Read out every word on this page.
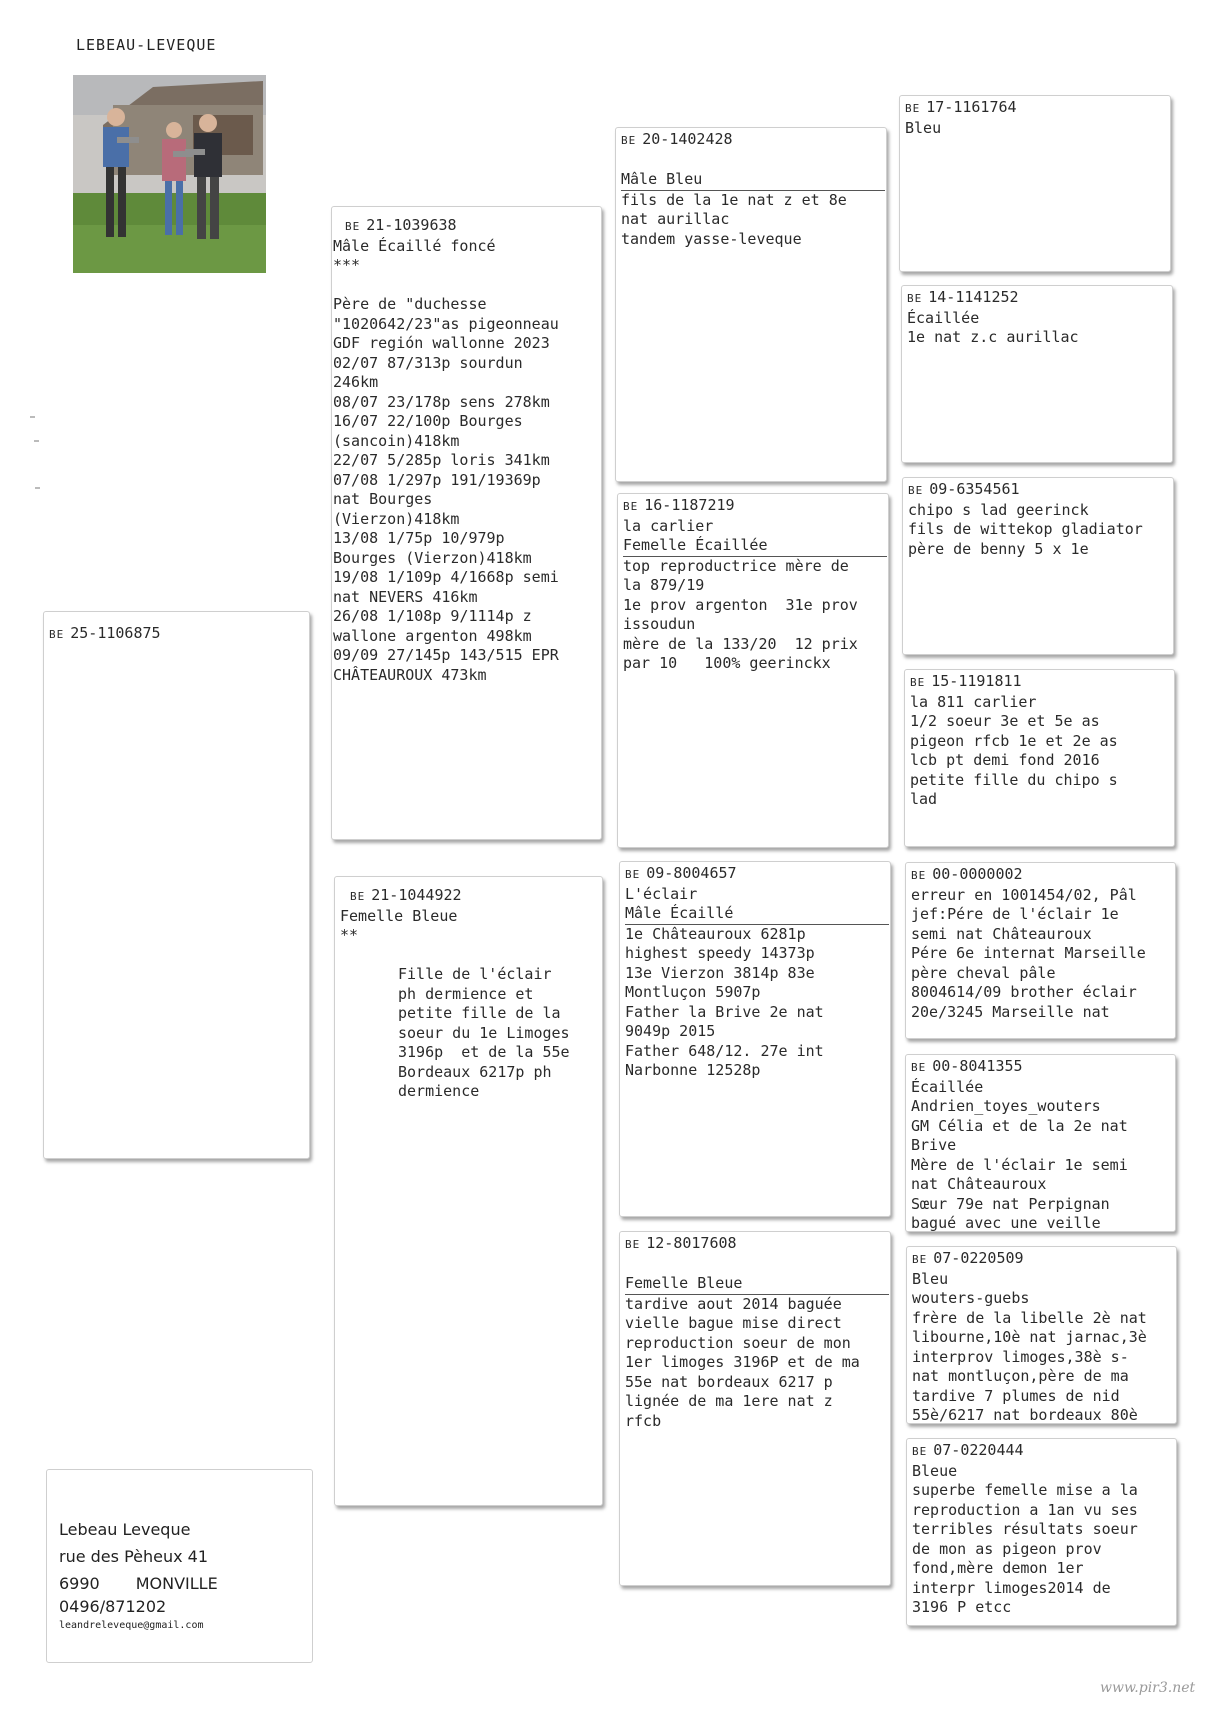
LEBEAU-LEVEQUE
BE 25-1106875
BE 21-1039638
Mâle Écaillé foncé
***

Père de "duchesse
"1020642/23"as pigeonneau
GDF región wallonne 2023
02/07 87/313p sourdun
246km
08/07 23/178p sens 278km
16/07 22/100p Bourges
(sancoin)418km
22/07 5/285p loris 341km
07/08 1/297p 191/19369p
nat Bourges
(Vierzon)418km
13/08 1/75p 10/979p
Bourges (Vierzon)418km
19/08 1/109p 4/1668p semi
nat NEVERS 416km
26/08 1/108p 9/1114p z
wallone argenton 498km
09/09 27/145p 143/515 EPR
CHÂTEAUROUX 473km
BE 21-1044922
Femelle Bleue
**

Fille de l'éclair
ph dermience et
petite fille de la
soeur du 1e Limoges
3196p  et de la 55e
Bordeaux 6217p ph
dermience
BE 20-1402428

Mâle Bleu
fils de la 1e nat z et 8e
nat aurillac
tandem yasse-leveque
BE 16-1187219
la carlier
Femelle Écaillée
top reproductrice mère de
la 879/19
1e prov argenton  31e prov
issoudun
mère de la 133/20  12 prix
par 10   100% geerinckx
BE 09-8004657
L'éclair
Mâle Écaillé
1e Châteauroux 6281p
highest speedy 14373p
13e Vierzon 3814p 83e
Montluçon 5907p
Father la Brive 2e nat
9049p 2015
Father 648/12. 27e int
Narbonne 12528p
BE 12-8017608

Femelle Bleue
tardive aout 2014 baguée
vielle bague mise direct
reproduction soeur de mon
1er limoges 3196P et de ma
55e nat bordeaux 6217 p
lignée de ma 1ere nat z
rfcb
BE 17-1161764
Bleu
BE 14-1141252
Écaillée
1e nat z.c aurillac
BE 09-6354561
chipo s lad geerinck
fils de wittekop gladiator
père de benny 5 x 1e
BE 15-1191811
la 811 carlier
1/2 soeur 3e et 5e as
pigeon rfcb 1e et 2e as
lcb pt demi fond 2016
petite fille du chipo s
lad
BE 00-0000002
erreur en 1001454/02, Pâl
jef:Pére de l'éclair 1e
semi nat Châteauroux
Pére 6e internat Marseille
père cheval pâle
8004614/09 brother éclair
20e/3245 Marseille nat
BE 00-8041355
Écaillée
Andrien_toyes_wouters
GM Célia et de la 2e nat
Brive
Mère de l'éclair 1e semi
nat Châteauroux
Sœur 79e nat Perpignan
bagué avec une veille
BE 07-0220509
Bleu
wouters-guebs
frère de la libelle 2è nat
libourne,10è nat jarnac,3è
interprov limoges,38è s-
nat montluçon,père de ma
tardive 7 plumes de nid
55è/6217 nat bordeaux 80è
BE 07-0220444
Bleue
superbe femelle mise a la
reproduction a 1an vu ses
terribles résultats soeur
de mon as pigeon prov
fond,mère demon 1er
interpr limoges2014 de
3196 P etcc
Lebeau Leveque
rue des Pèheux 41
6990 MONVILLE
0496/871202
leandreleveque@gmail.com
www.pir3.net
